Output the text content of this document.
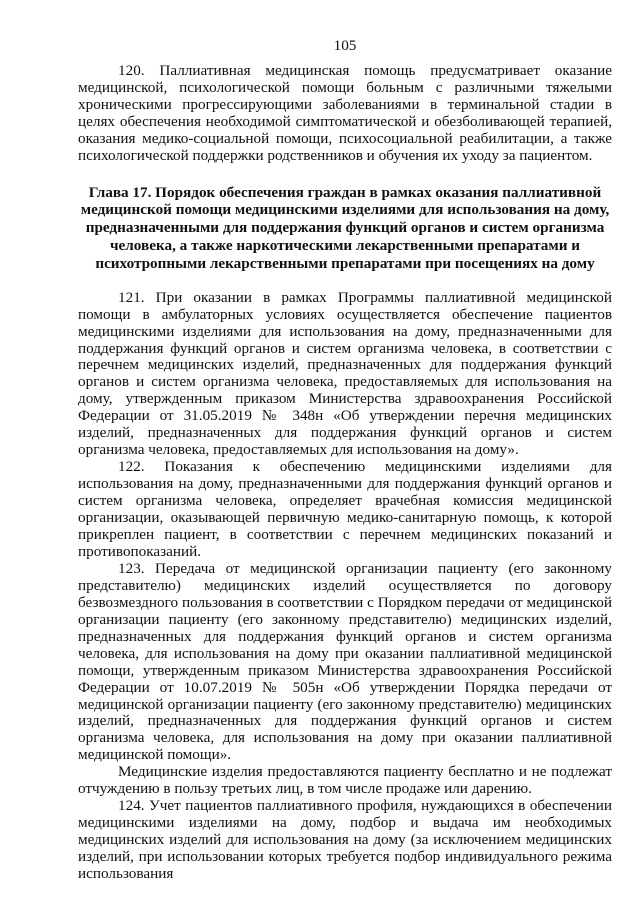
105

120. Паллиативная медицинская помощь предусматривает оказание медицинской, психологической помощи больным с различными тяжелыми хроническими прогрессирующими заболеваниями в терминальной стадии в целях обеспечения необходимой симптоматической и обезболивающей терапией, оказания медико-социальной помощи, психосоциальной реабилитации, а также психологической поддержки родственников и обучения их уходу за пациентом.

Глава 17. Порядок обеспечения граждан в рамках оказания паллиативной медицинской помощи медицинскими изделиями для использования на дому, предназначенными для поддержания функций органов и систем организма человека, а также наркотическими лекарственными препаратами и психотропными лекарственными препаратами при посещениях на дому

121. При оказании в рамках Программы паллиативной медицинской помощи в амбулаторных условиях осуществляется обеспечение пациентов медицинскими изделиями для использования на дому, предназначенными для поддержания функций органов и систем организма человека, в соответствии с перечнем медицинских изделий, предназначенных для поддержания функций органов и систем организма человека, предоставляемых для использования на дому, утвержденным приказом Министерства здравоохранения Российской Федерации от 31.05.2019 № 348н «Об утверждении перечня медицинских изделий, предназначенных для поддержания функций органов и систем организма человека, предоставляемых для использования на дому».

122. Показания к обеспечению медицинскими изделиями для использования на дому, предназначенными для поддержания функций органов и систем организма человека, определяет врачебная комиссия медицинской организации, оказывающей первичную медико-санитарную помощь, к которой прикреплен пациент, в соответствии с перечнем медицинских показаний и противопоказаний.

123. Передача от медицинской организации пациенту (его законному представителю) медицинских изделий осуществляется по договору безвозмездного пользования в соответствии с Порядком передачи от медицинской организации пациенту (его законному представителю) медицинских изделий, предназначенных для поддержания функций органов и систем организма человека, для использования на дому при оказании паллиативной медицинской помощи, утвержденным приказом Министерства здравоохранения Российской Федерации от 10.07.2019 № 505н «Об утверждении Порядка передачи от медицинской организации пациенту (его законному представителю) медицинских изделий, предназначенных для поддержания функций органов и систем организма человека, для использования на дому при оказании паллиативной медицинской помощи».

Медицинские изделия предоставляются пациенту бесплатно и не подлежат отчуждению в пользу третьих лиц, в том числе продаже или дарению.

124. Учет пациентов паллиативного профиля, нуждающихся в обеспечении медицинскими изделиями на дому, подбор и выдача им необходимых медицинских изделий для использования на дому (за исключением медицинских изделий, при использовании которых требуется подбор индивидуального режима использования
